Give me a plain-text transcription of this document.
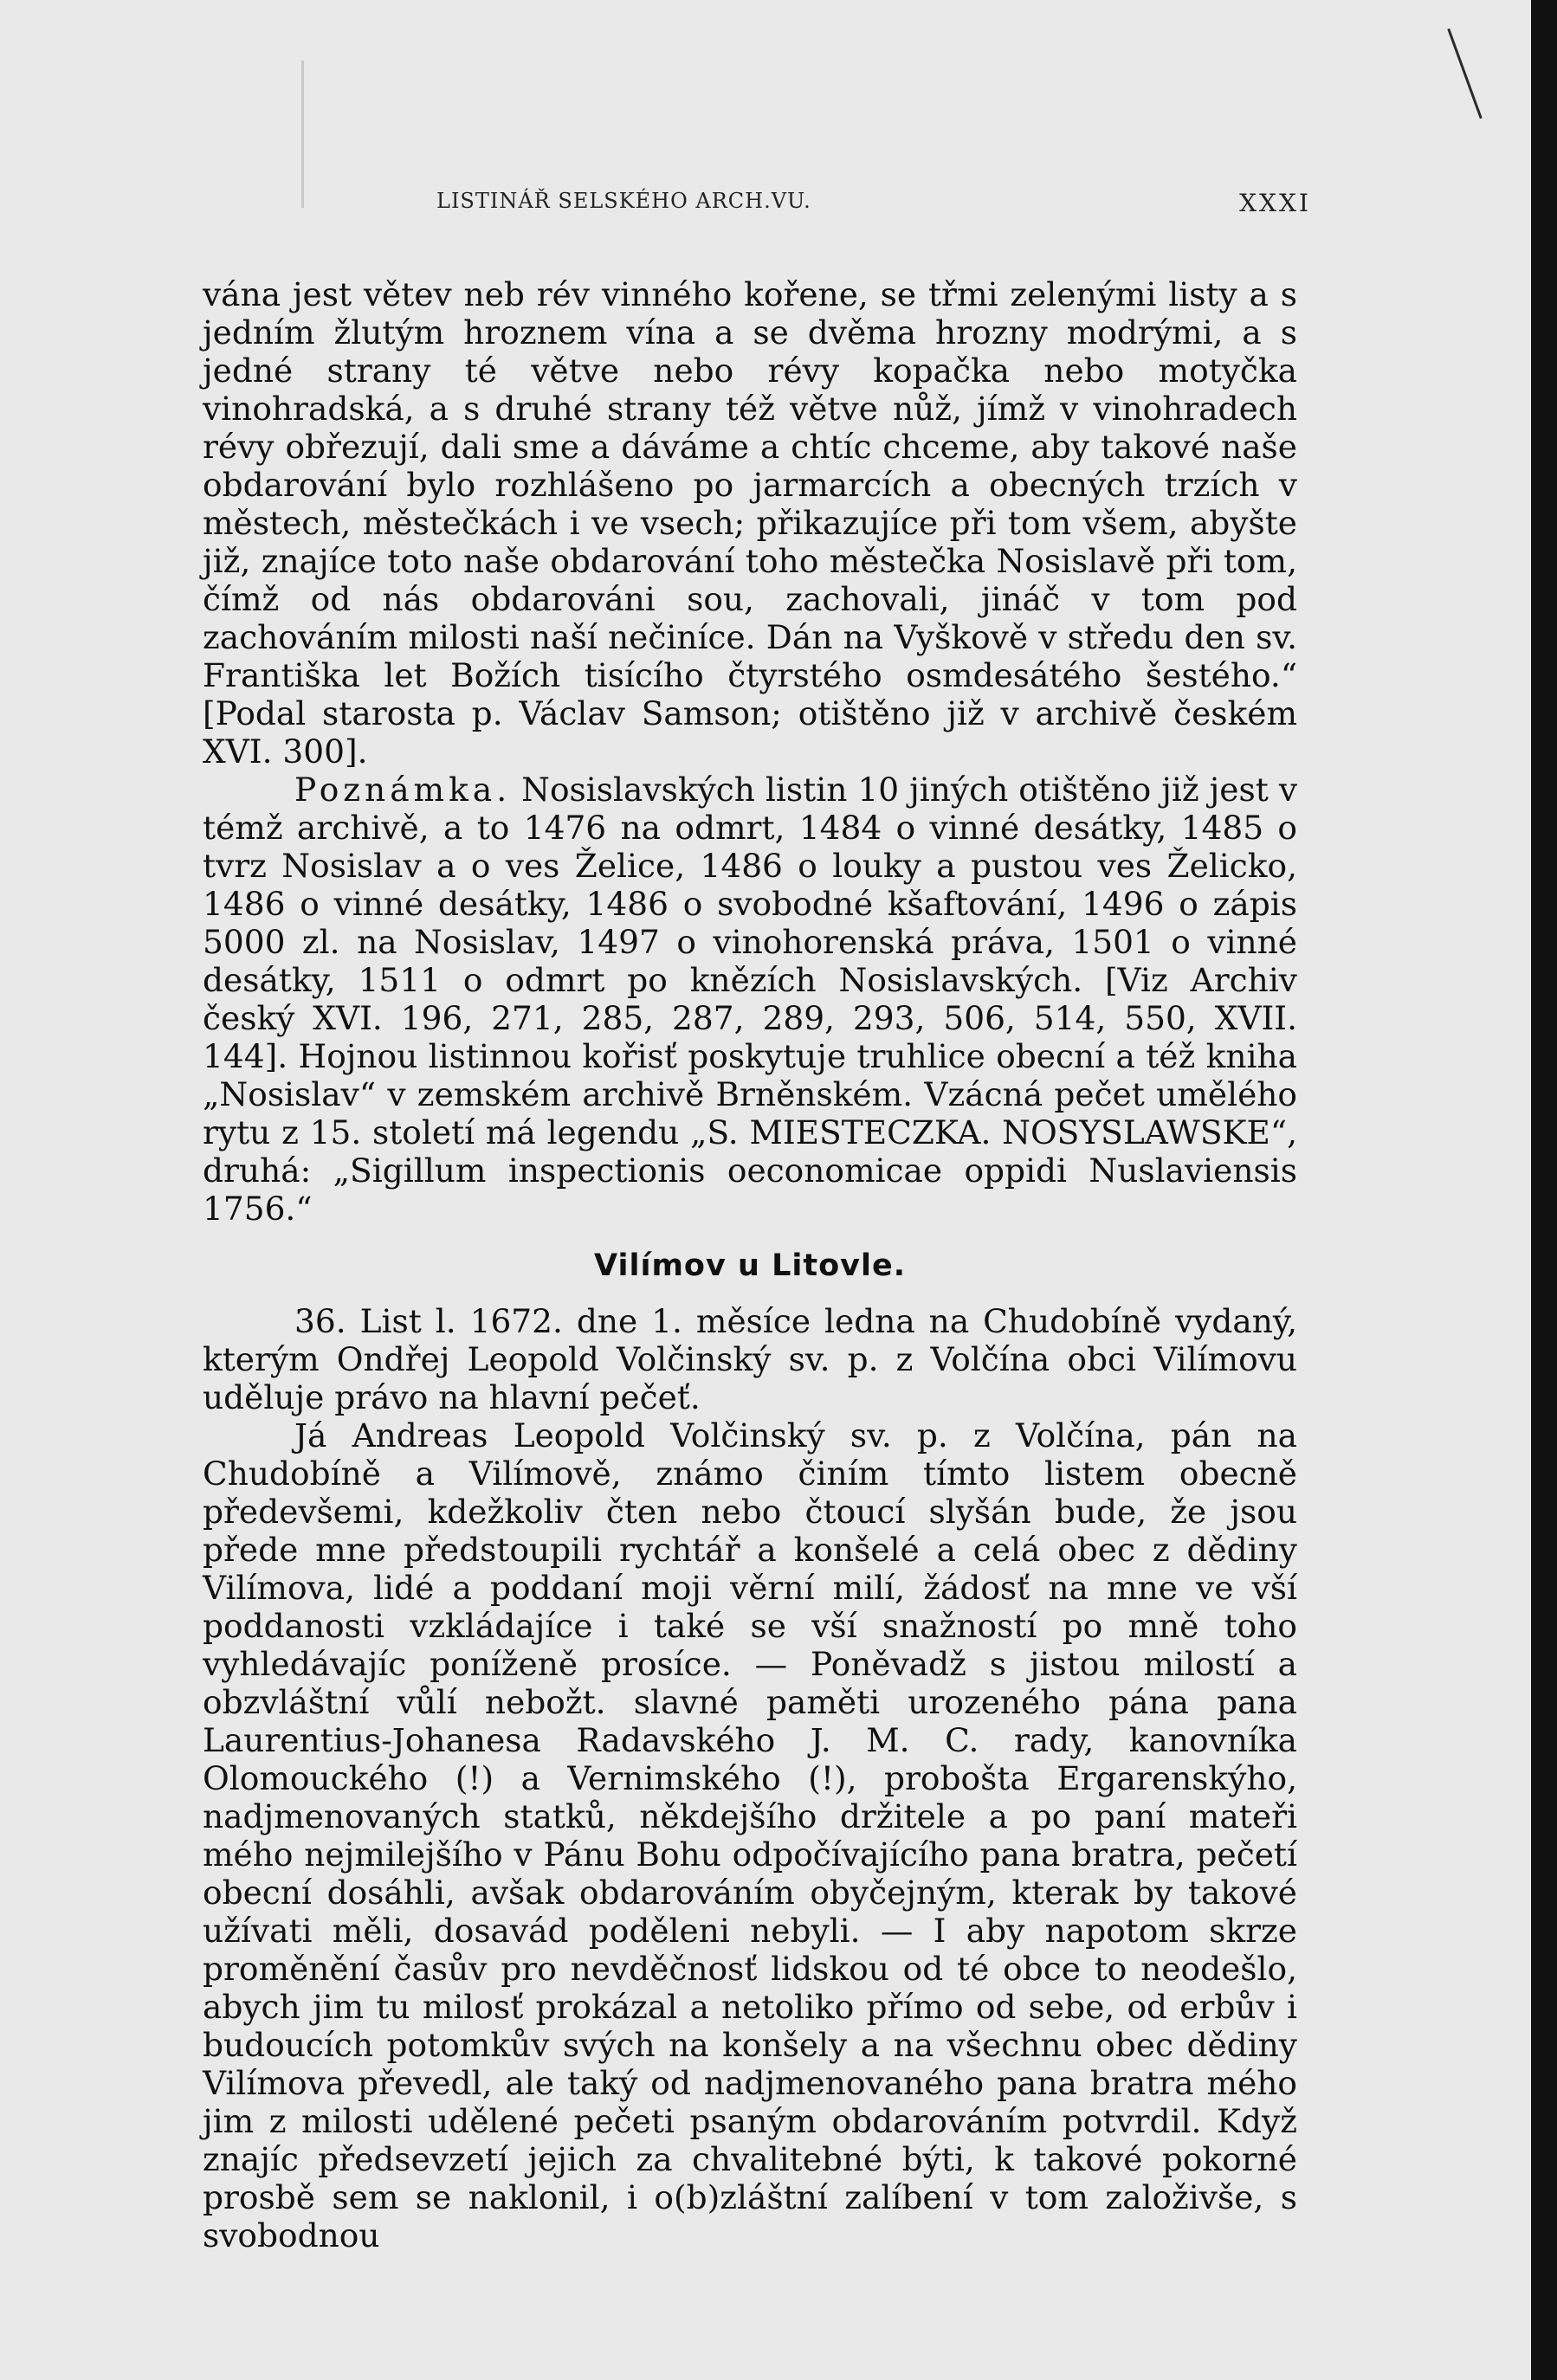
LISTINÁŘ SELSKÉHO ARCH.VU.	XXXI

vána jest větev neb rév vinného kořene, se třmi zelenými listy a s jedním žlutým hroznem vína a se dvěma hrozny modrými, a s jedné strany té větve nebo révy kopačka nebo motyčka vinohradská, a s druhé strany též větve nůž, jímž v vinohradech révy obřezují, dali sme a dáváme a chtíc chceme, aby takové naše obdarování bylo rozhlášeno po jarmarcích a obecných trzích v městech, městečkách i ve vsech; přikazujíce při tom všem, abyšte již, znajíce toto naše obdarování toho městečka Nosislavě při tom, čímž od nás obdarováni sou, zachovali, jináč v tom pod zachováním milosti naší nečiníce. Dán na Vyškově v středu den sv. Františka let Božích tisícího čtyrstého osmdesátého šestého.“ [Podal starosta p. Václav Samson; otištěno již v archivě českém XVI. 300].

Poznámka. Nosislavských listin 10 jiných otištěno již jest v témž archivě, a to 1476 na odmrt, 1484 o vinné desátky, 1485 o tvrz Nosislav a o ves Želice, 1486 o louky a pustou ves Želicko, 1486 o vinné desátky, 1486 o svobodné kšaftování, 1496 o zápis 5000 zl. na Nosislav, 1497 o vinohorenská práva, 1501 o vinné desátky, 1511 o odmrt po knězích Nosislavských. [Viz Archiv český XVI. 196, 271, 285, 287, 289, 293, 506, 514, 550, XVII. 144]. Hojnou listinnou kořisť poskytuje truhlice obecní a též kniha „Nosislav“ v zemském archivě Brněnském. Vzácná pečet umělého rytu z 15. století má legendu „S. MIESTECZKA. NOSYSLAWSKE“, druhá: „Sigillum inspectionis oeconomicae oppidi Nuslaviensis 1756.“

Vilímov u Litovle.

36. List l. 1672. dne 1. měsíce ledna na Chudobíně vydaný, kterým Ondřej Leopold Volčinský sv. p. z Volčína obci Vilímovu uděluje právo na hlavní pečeť.

Já Andreas Leopold Volčinský sv. p. z Volčína, pán na Chudobíně a Vilímově, známo činím tímto listem obecně předevšemi, kdežkoliv čten nebo čtoucí slyšán bude, že jsou přede mne předstoupili rychtář a konšelé a celá obec z dědiny Vilímova, lidé a poddaní moji věrní milí, žádosť na mne ve vší poddanosti vzkládajíce i také se vší snažností po mně toho vyhledávajíc poníženě prosíce. — Poněvadž s jistou milostí a obzvláštní vůlí nebožt. slavné paměti urozeného pána pana Laurentius-Johanesa Radavského J. M. C. rady, kanovníka Olomouckého (!) a Vernimského (!), probošta Ergarenskýho, nadjmenovaných statků, někdejšího držitele a po paní mateři mého nejmilejšího v Pánu Bohu odpočívajícího pana bratra, pečetí obecní dosáhli, avšak obdarováním obyčejným, kterak by takové užívati měli, dosavád poděleni nebyli. — I aby napotom skrze proměnění časův pro nevděčnosť lidskou od té obce to neodešlo, abych jim tu milosť prokázal a netoliko přímo od sebe, od erbův i budoucích potomkův svých na konšely a na všechnu obec dědiny Vilímova převedl, ale taký od nadjmenovaného pana bratra mého jim z milosti udělené pečeti psaným obdarováním potvrdil. Když znajíc předsevzetí jejich za chvalitebné býti, k takové pokorné prosbě sem se naklonil, i o(b)zláštní zalíbení v tom založivše, s svobodnou
